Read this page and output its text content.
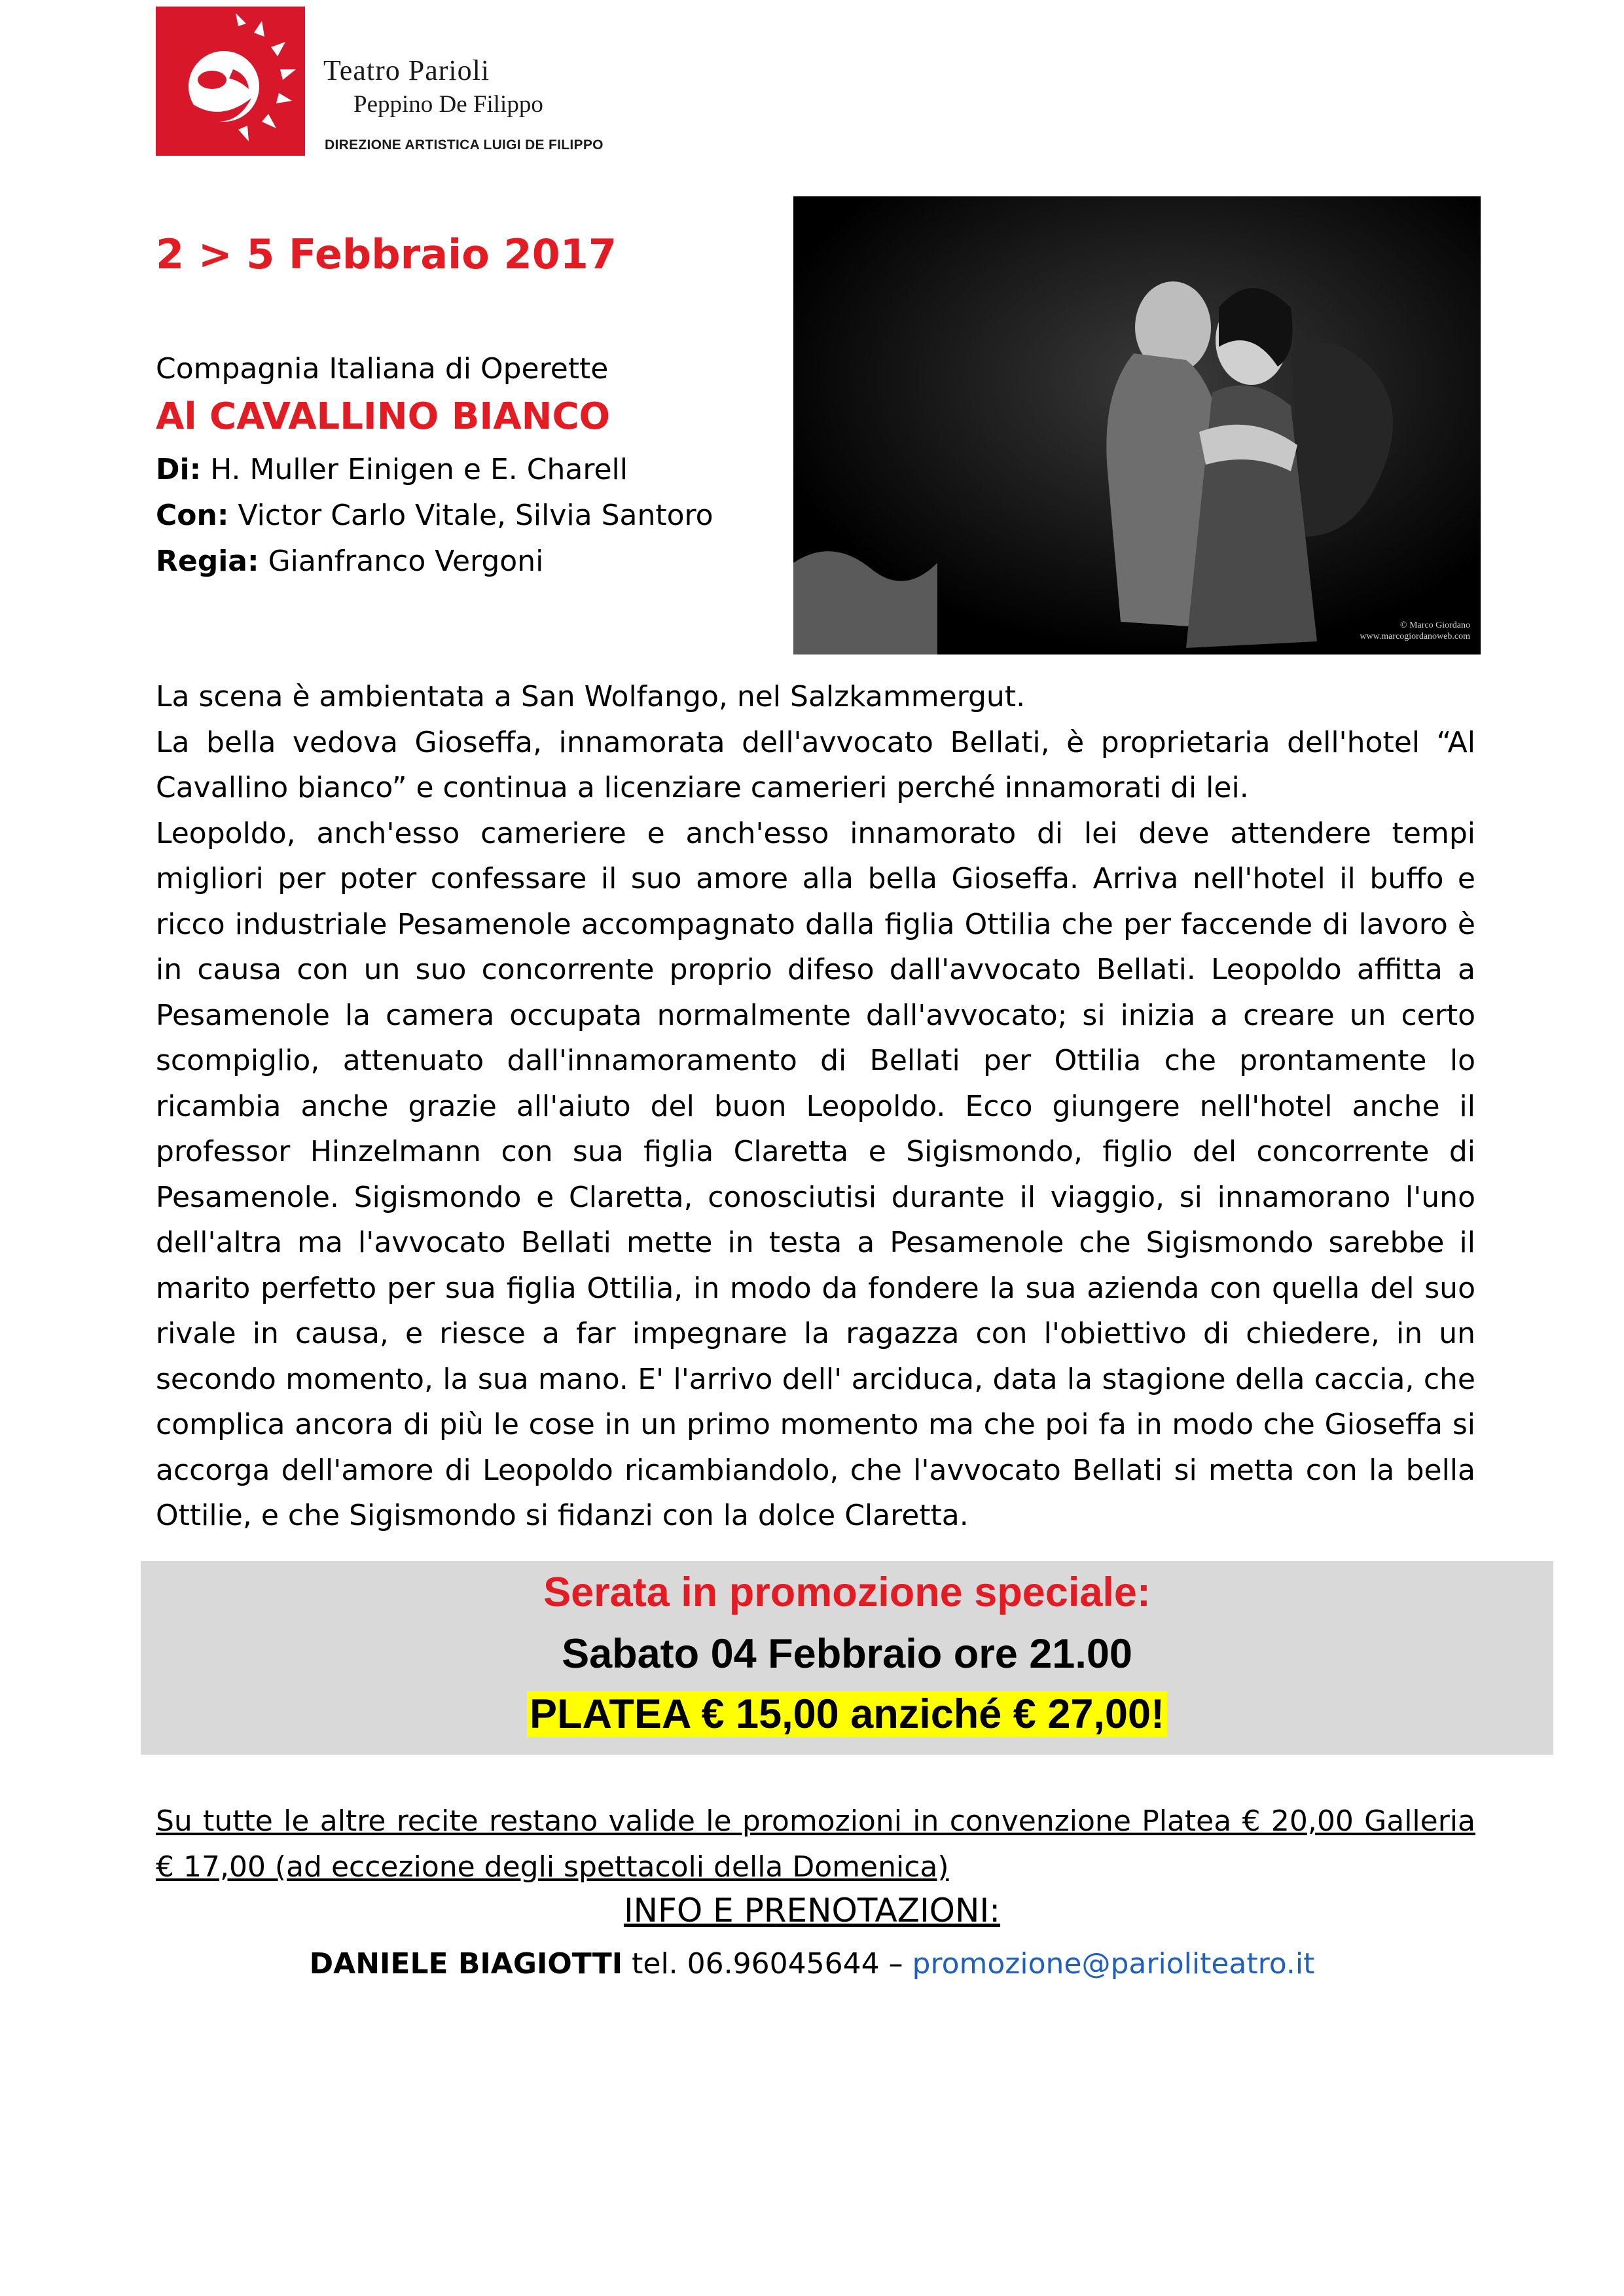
Teatro Parioli
Peppino De Filippo
DIREZIONE ARTISTICA LUIGI DE FILIPPO
2 > 5 Febbraio 2017
Compagnia Italiana di Operette
Al CAVALLINO BIANCO
Di: H. Muller Einigen e E. Charell
Con: Victor Carlo Vitale, Silvia Santoro
Regia: Gianfranco Vergoni
© Marco Giordano
www.marcogiordanoweb.com

La scena è ambientata a San Wolfango, nel Salzkammergut.

La bella vedova Gioseffa, innamorata dell'avvocato Bellati, è proprietaria dell'hotel “Al Cavallino bianco” e continua a licenziare camerieri perché innamorati di lei.

Leopoldo, anch'esso cameriere e anch'esso innamorato di lei deve attendere tempi migliori per poter confessare il suo amore alla bella Gioseffa. Arriva nell'hotel il buffo e ricco industriale Pesamenole accompagnato dalla figlia Ottilia che per faccende di lavoro è in causa con un suo concorrente proprio difeso dall'avvocato Bellati. Leopoldo affitta a Pesamenole la camera occupata normalmente dall'avvocato; si inizia a creare un certo scompiglio, attenuato dall'innamoramento di Bellati per Ottilia che prontamente lo ricambia anche grazie all'aiuto del buon Leopoldo. Ecco giungere nell'hotel anche il professor Hinzelmann con sua figlia Claretta e Sigismondo, figlio del concorrente di Pesamenole. Sigismondo e Claretta, conosciutisi durante il viaggio, si innamorano l'uno dell'altra ma l'avvocato Bellati mette in testa a Pesamenole che Sigismondo sarebbe il marito perfetto per sua figlia Ottilia, in modo da fondere la sua azienda con quella del suo rivale in causa, e riesce a far impegnare la ragazza con l'obiettivo di chiedere, in un secondo momento, la sua mano. E' l'arrivo dell' arciduca, data la stagione della caccia, che complica ancora di più le cose in un primo momento ma che poi fa in modo che Gioseffa si accorga dell'amore di Leopoldo ricambiandolo, che l'avvocato Bellati si metta con la bella Ottilie, e che Sigismondo si fidanzi con la dolce Claretta.

Serata in promozione speciale:
Sabato 04 Febbraio ore 21.00
PLATEA € 15,00 anziché € 27,00!
Su tutte le altre recite restano valide le promozioni in convenzione Platea € 20,00 Galleria € 17,00 (ad eccezione degli spettacoli della Domenica)
INFO E PRENOTAZIONI:
DANIELE BIAGIOTTI tel. 06.96045644 – promozione@parioliteatro.it
